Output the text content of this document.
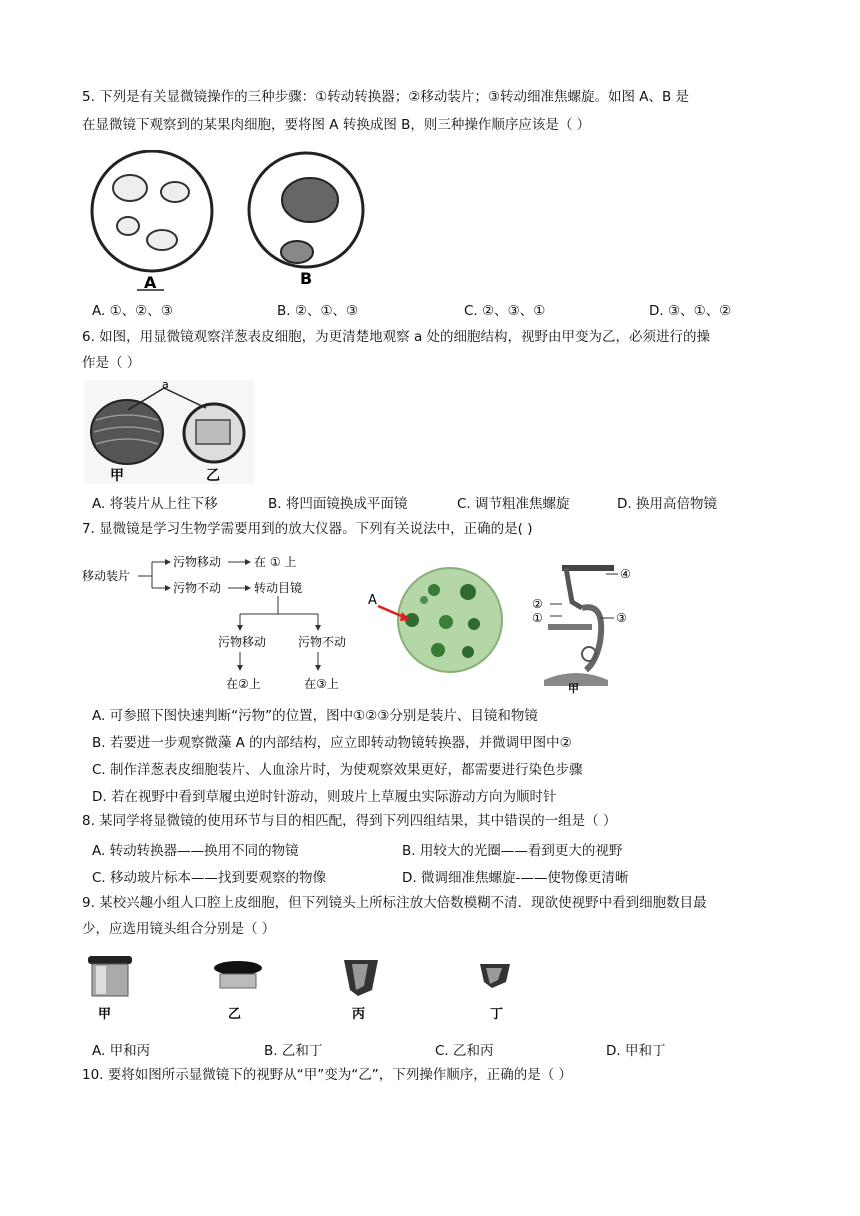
5. 下列是有关显微镜操作的三种步骤：①转动转换器；②移动装片；③转动细准焦螺旋。如图 A、B 是
在显微镜下观察到的某果肉细胞，要将图 A 转换成图 B，则三种操作顺序应该是（ ）
A	B
A. ①、②、③	B. ②、①、③	C. ②、③、①	D. ③、①、②
6. 如图，用显微镜观察洋葱表皮细胞，为更清楚地观察 a 处的细胞结构，视野由甲变为乙，必须进行的操
作是（ ）
a
甲	乙
A. 将装片从上往下移	B. 将凹面镜换成平面镜	C. 调节粗准焦螺旋	D. 换用高倍物镜
7. 显微镜是学习生物学需要用到的放大仪器。下列有关说法中，正确的是( )
移动装片
污物移动	在 ① 上
污物不动	转动目镜
污物移动	污物不动
在②上	在③上
A	②
①	③
④
甲
A. 可参照下图快速判断“污物”的位置，图中①②③分别是装片、目镜和物镜
B. 若要进一步观察微藻 A 的内部结构，应立即转动物镜转换器，并微调甲图中②
C. 制作洋葱表皮细胞装片、人血涂片时，为使观察效果更好，都需要进行染色步骤
D. 若在视野中看到草履虫逆时针游动，则玻片上草履虫实际游动方向为顺时针
8. 某同学将显微镜的使用环节与目的相匹配，得到下列四组结果，其中错误的一组是（ ）
A. 转动转换器——换用不同的物镜	B. 用较大的光圈——看到更大的视野
C. 移动玻片标本——找到要观察的物像	D. 微调细准焦螺旋-——使物像更清晰
9. 某校兴趣小组人口腔上皮细胞，但下列镜头上所标注放大倍数模糊不清．现欲使视野中看到细胞数目最
少，应选用镜头组合分别是（ ）
甲	乙	丙	丁
A. 甲和丙	B. 乙和丁	C. 乙和丙	D. 甲和丁
10. 要将如图所示显微镜下的视野从“甲”变为“乙”，下列操作顺序，正确的是（ ）
